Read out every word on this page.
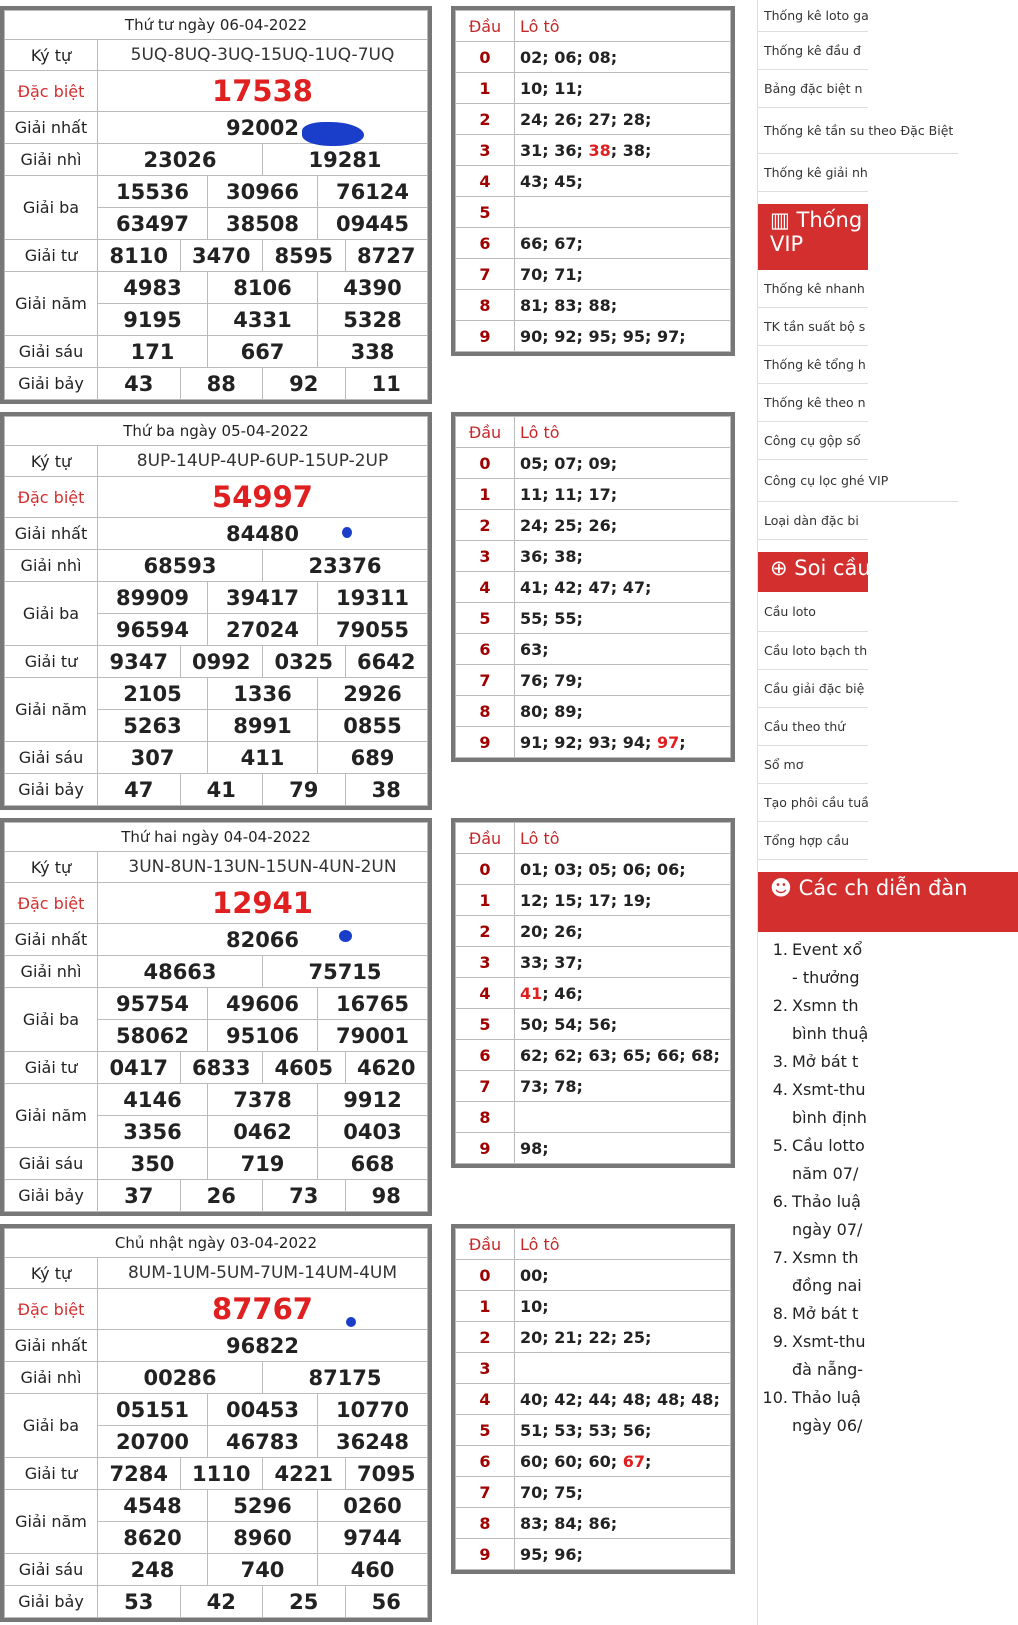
Thứ tư ngày 06-04-2022						
Ký tự	5UQ-8UQ-3UQ-15UQ-1UQ-7UQ					
Đặc biệt	17538					
Giải nhất	92002					
Giải nhì	23026			19281		
Giải ba	15536		30966		76124	
	63497		38508		09445	
Giải tư	8110	3470		8595		8727
Giải năm	4983		8106		4390	
	9195		4331		5328	
Giải sáu	171		667		338	
Giải bảy	43	88		92		11
Đầu	Lô tô
0	02; 06; 08;
1	10; 11;
2	24; 26; 27; 28;
3	31; 36; 38; 38;
4	43; 45;
5	
6	66; 67;
7	70; 71;
8	81; 83; 88;
9	90; 92; 95; 95; 97;
Thứ ba ngày 05-04-2022						
Ký tự	8UP-14UP-4UP-6UP-15UP-2UP					
Đặc biệt	54997					
Giải nhất	84480					
Giải nhì	68593			23376		
Giải ba	89909		39417		19311	
	96594		27024		79055	
Giải tư	9347	0992		0325		6642
Giải năm	2105		1336		2926	
	5263		8991		0855	
Giải sáu	307		411		689	
Giải bảy	47	41		79		38
Đầu	Lô tô
0	05; 07; 09;
1	11; 11; 17;
2	24; 25; 26;
3	36; 38;
4	41; 42; 47; 47;
5	55; 55;
6	63;
7	76; 79;
8	80; 89;
9	91; 92; 93; 94; 97;
Thứ hai ngày 04-04-2022						
Ký tự	3UN-8UN-13UN-15UN-4UN-2UN					
Đặc biệt	12941					
Giải nhất	82066					
Giải nhì	48663			75715		
Giải ba	95754		49606		16765	
	58062		95106		79001	
Giải tư	0417	6833		4605		4620
Giải năm	4146		7378		9912	
	3356		0462		0403	
Giải sáu	350		719		668	
Giải bảy	37	26		73		98
Đầu	Lô tô
0	01; 03; 05; 06; 06;
1	12; 15; 17; 19;
2	20; 26;
3	33; 37;
4	41; 46;
5	50; 54; 56;
6	62; 62; 63; 65; 66; 68;
7	73; 78;
8	
9	98;
Chủ nhật ngày 03-04-2022						
Ký tự	8UM-1UM-5UM-7UM-14UM-4UM					
Đặc biệt	87767					
Giải nhất	96822					
Giải nhì	00286			87175		
Giải ba	05151		00453		10770	
	20700		46783		36248	
Giải tư	7284	1110		4221		7095
Giải năm	4548		5296		0260	
	8620		8960		9744	
Giải sáu	248		740		460	
Giải bảy	53	42		25		56
Đầu	Lô tô
0	00;
1	10;
2	20; 21; 22; 25;
3	
4	40; 42; 44; 48; 48; 48;
5	51; 53; 53; 56;
6	60; 60; 60; 67;
7	70; 75;
8	83; 84; 86;
9	95; 96;
Thống kê loto ga
Thống kê đầu đ
Bảng đặc biệt n
Thống kê tần su theo Đặc Biệt
Thống kê giải nh
▥ Thống VIP
Thống kê nhanh
TK tần suất bộ s
Thống kê tổng h
Thống kê theo n
Công cụ gộp số
Công cụ lọc ghé VIP
Loại dàn đặc bi
⊕ Soi cầu
Cầu loto
Cầu loto bạch th
Cầu giải đặc biệ
Cầu theo thứ
Sổ mơ
Tạo phôi cầu tuầ
Tổng hợp cầu
☻ Các ch diễn đàn
1. Event xổ
- thưởng
2. Xsmn th
bình thuậ
3. Mở bát t
4. Xsmt-thu
bình định
5. Cầu lotto
năm 07/
6. Thảo luậ
ngày 07/
7. Xsmn th
đồng nai
8. Mở bát t
9. Xsmt-thu
đà nẵng-
10. Thảo luậ
ngày 06/
